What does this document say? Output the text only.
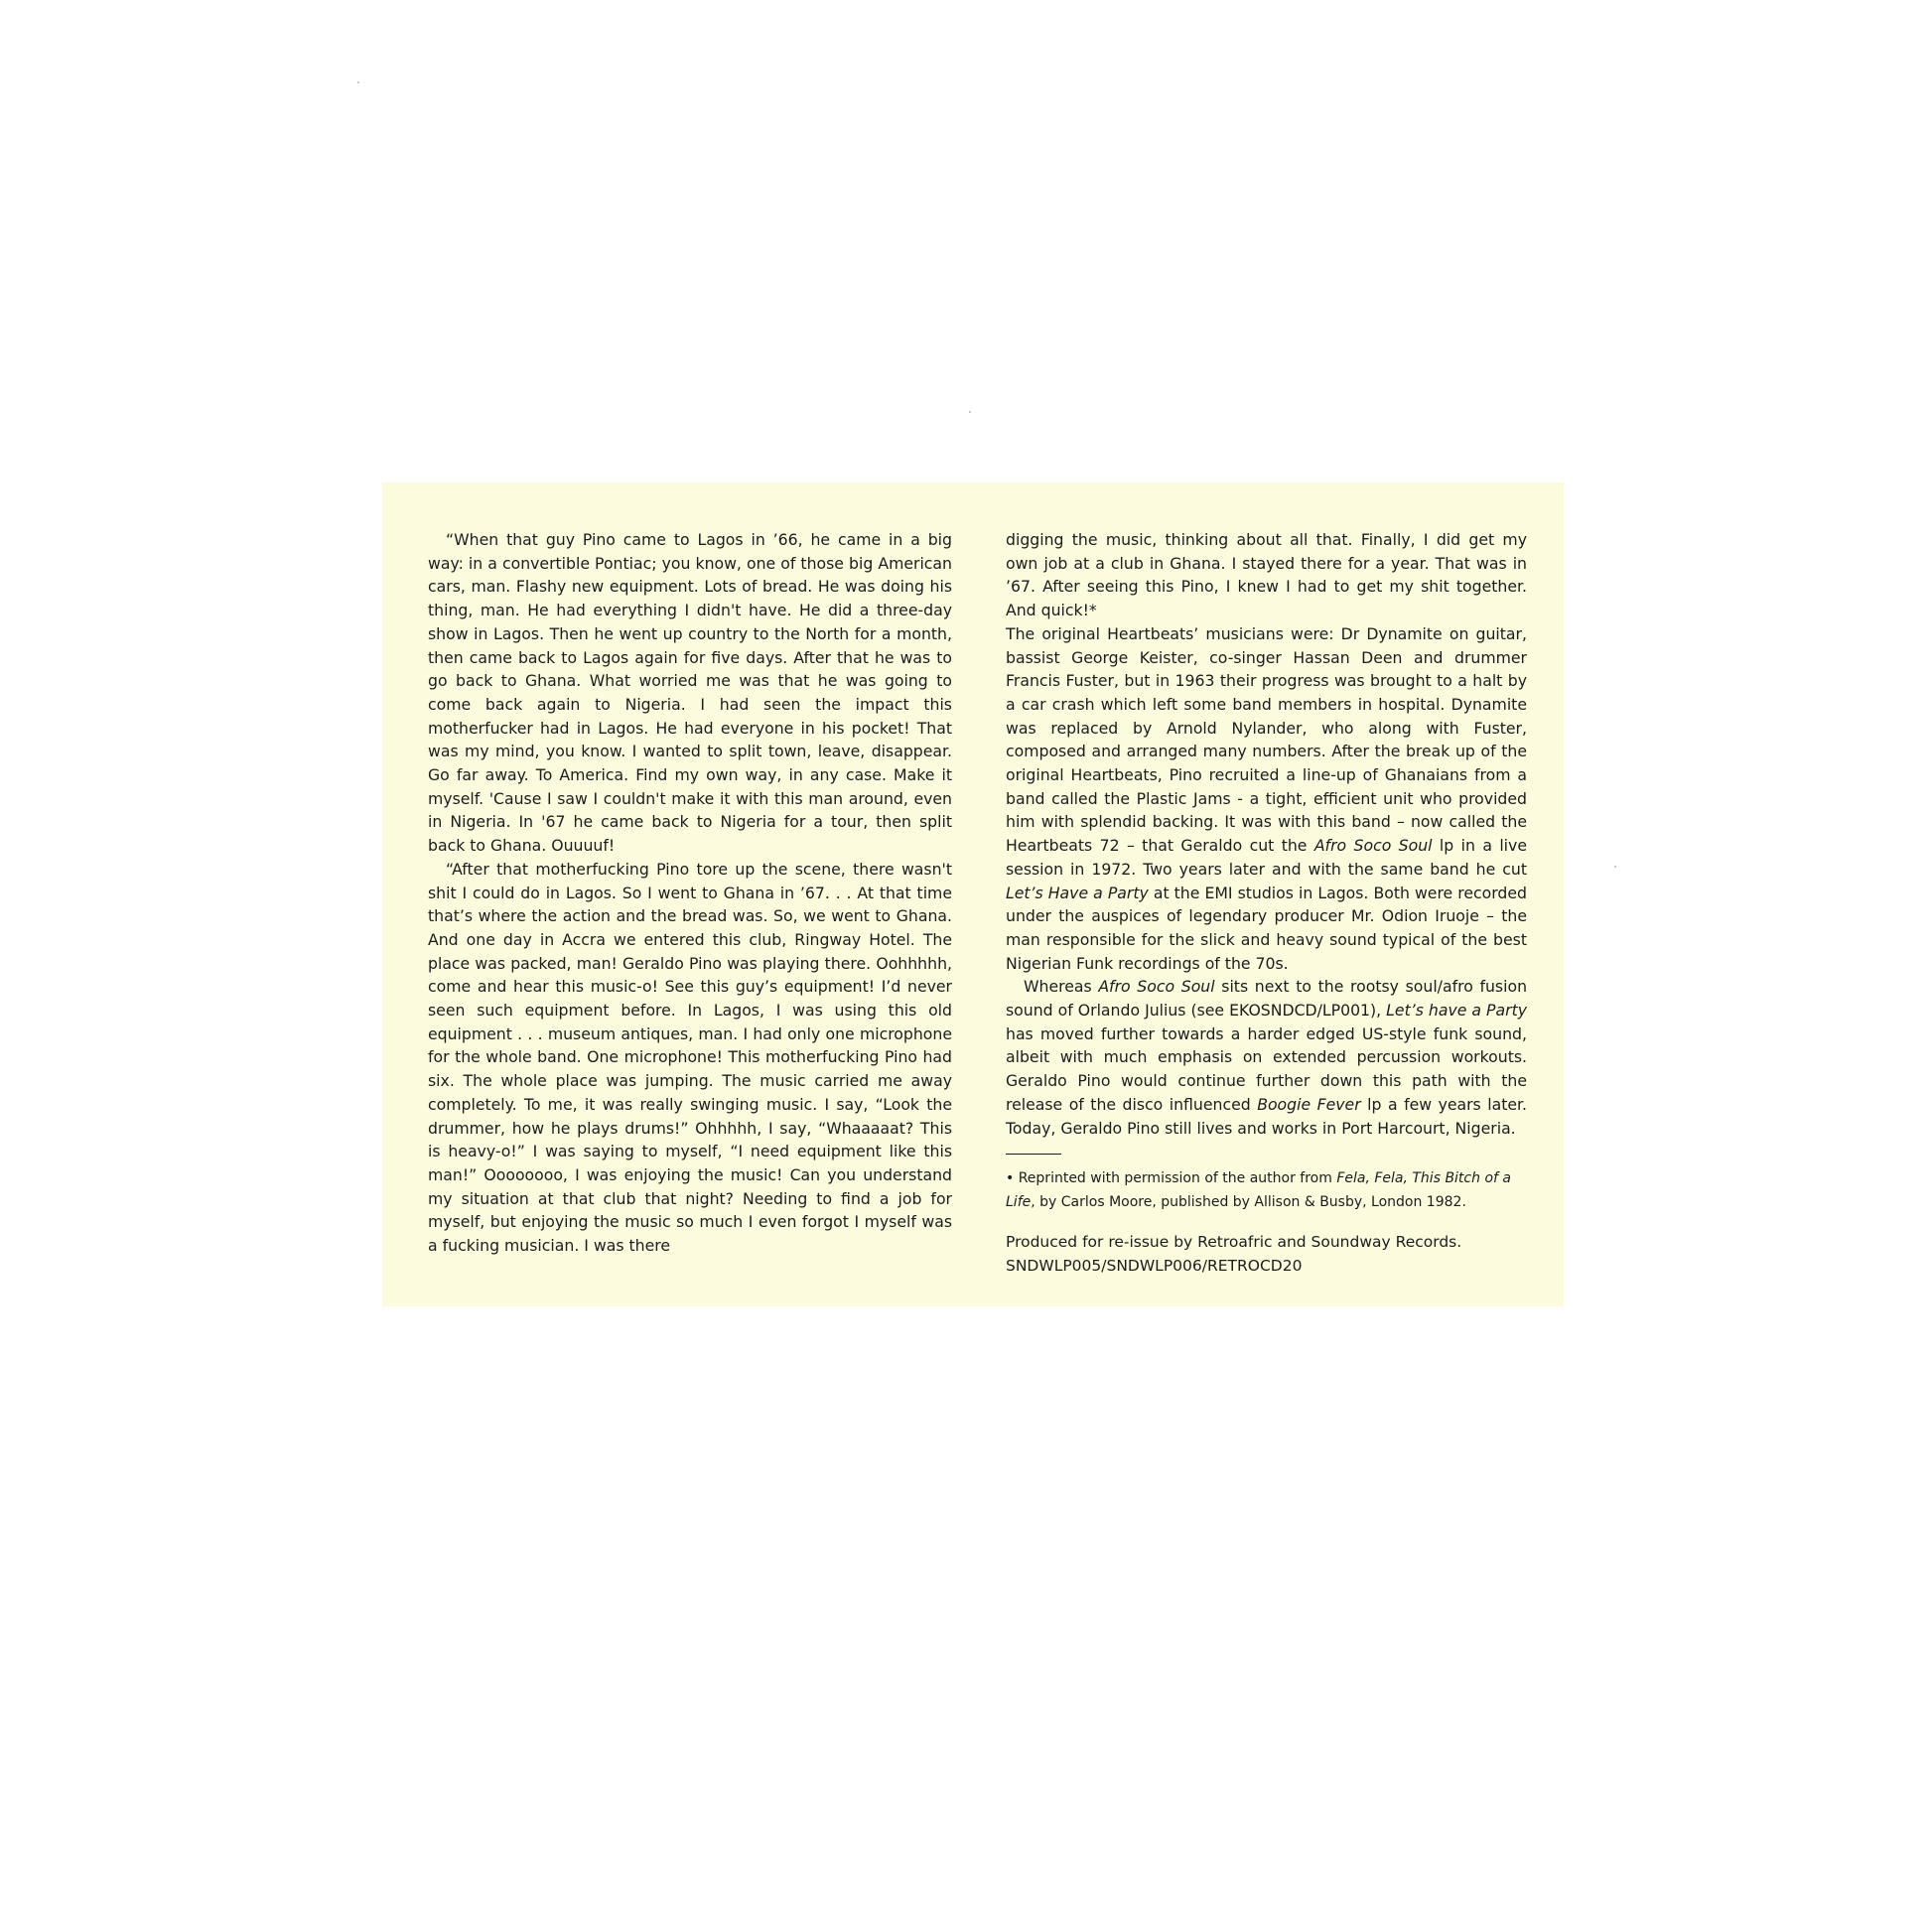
“When that guy Pino came to Lagos in ’66, he came in a big way: in a convertible Pontiac; you know, one of those big American cars, man. Flashy new equipment. Lots of bread. He was doing his thing, man. He had everything I didn't have. He did a three-day show in Lagos. Then he went up country to the North for a month, then came back to Lagos again for five days. After that he was to go back to Ghana. What worried me was that he was going to come back again to Nigeria. I had seen the impact this motherfucker had in Lagos. He had everyone in his pocket! That was my mind, you know. I wanted to split town, leave, disappear. Go far away. To America. Find my own way, in any case. Make it myself. 'Cause I saw I couldn't make it with this man around, even in Nigeria. In '67 he came back to Nigeria for a tour, then split back to Ghana. Ouuuuf!

“After that motherfucking Pino tore up the scene, there wasn't shit I could do in Lagos. So I went to Ghana in ’67. . . At that time that’s where the action and the bread was. So, we went to Ghana. And one day in Accra we entered this club, Ringway Hotel. The place was packed, man! Geraldo Pino was playing there. Oohhhhh, come and hear this music-o! See this guy’s equipment! I’d never seen such equipment before. In Lagos, I was using this old equipment . . . museum antiques, man. I had only one microphone for the whole band. One microphone! This motherfucking Pino had six. The whole place was jumping. The music carried me away completely. To me, it was really swinging music. I say, “Look the drummer, how he plays drums!” Ohhhhh, I say, “Whaaaaat? This is heavy-o!” I was saying to myself, “I need equipment like this man!” Oooooooo, I was enjoying the music! Can you understand my situation at that club that night? Needing to find a job for myself, but enjoying the music so much I even forgot I myself was a fucking musician. I was there

digging the music, thinking about all that. Finally, I did get my own job at a club in Ghana. I stayed there for a year. That was in ’67. After seeing this Pino, I knew I had to get my shit together. And quick!*

The original Heartbeats’ musicians were: Dr Dynamite on guitar, bassist George Keister, co-singer Hassan Deen and drummer Francis Fuster, but in 1963 their progress was brought to a halt by a car crash which left some band members in hospital. Dynamite was replaced by Arnold Nylander, who along with Fuster, composed and arranged many numbers. After the break up of the original Heartbeats, Pino recruited a line-up of Ghanaians from a band called the Plastic Jams - a tight, efficient unit who provided him with splendid backing. It was with this band – now called the Heartbeats 72 – that Geraldo cut the Afro Soco Soul lp in a live session in 1972. Two years later and with the same band he cut Let’s Have a Party at the EMI studios in Lagos. Both were recorded under the auspices of legendary producer Mr. Odion Iruoje – the man responsible for the slick and heavy sound typical of the best Nigerian Funk recordings of the 70s.

Whereas Afro Soco Soul sits next to the rootsy soul/afro fusion sound of Orlando Julius (see EKOSNDCD/LP001), Let’s have a Party has moved further towards a harder edged US-style funk sound, albeit with much emphasis on extended percussion workouts. Geraldo Pino would continue further down this path with the release of the disco influenced Boogie Fever lp a few years later. Today, Geraldo Pino still lives and works in Port Harcourt, Nigeria.

• Reprinted with permission of the author from Fela, Fela, This Bitch of a Life, by Carlos Moore, published by Allison & Busby, London 1982.

Produced for re-issue by Retroafric and Soundway Records.
SNDWLP005/SNDWLP006/RETROCD20
